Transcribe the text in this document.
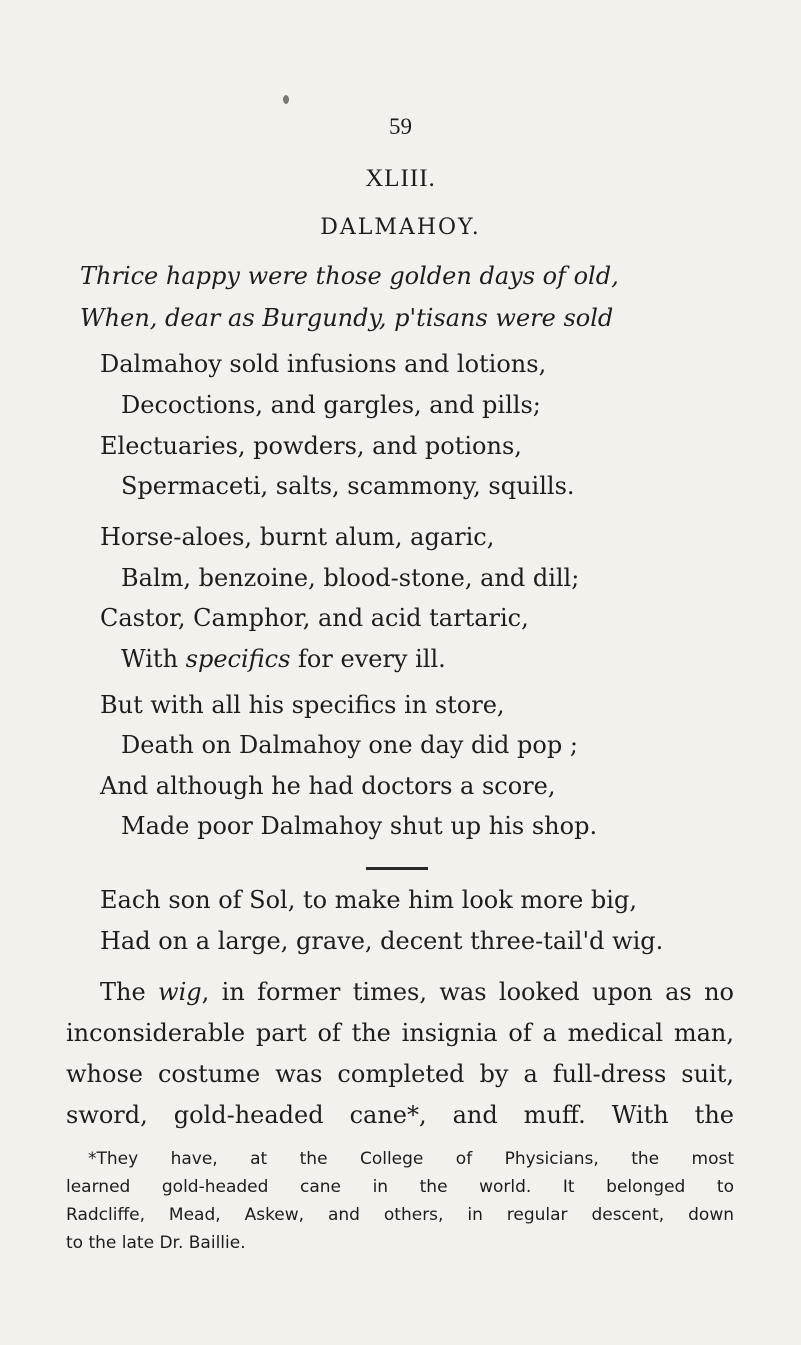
59
XLIII.
DALMAHOY.
Thrice happy were those golden days of old,
When, dear as Burgundy, p'tisans were sold
Dalmahoy sold infusions and lotions,
Decoctions, and gargles, and pills;
Electuaries, powders, and potions,
Spermaceti, salts, scammony, squills.
Horse-aloes, burnt alum, agaric,
Balm, benzoine, blood-stone, and dill;
Castor, Camphor, and acid tartaric,
With specifics for every ill.
But with all his specifics in store,
Death on Dalmahoy one day did pop ;
And although he had doctors a score,
Made poor Dalmahoy shut up his shop.
Each son of Sol, to make him look more big,
Had on a large, grave, decent three-tail'd wig.
The wig, in former times, was looked upon as no
inconsiderable part of the insignia of a medical man,
whose costume was completed by a full-dress suit,
sword, gold-headed cane*, and muff. With the
*They have, at the College of Physicians, the most
learned gold-headed cane in the world. It belonged to
Radcliffe, Mead, Askew, and others, in regular descent, down
to the late Dr. Baillie.
